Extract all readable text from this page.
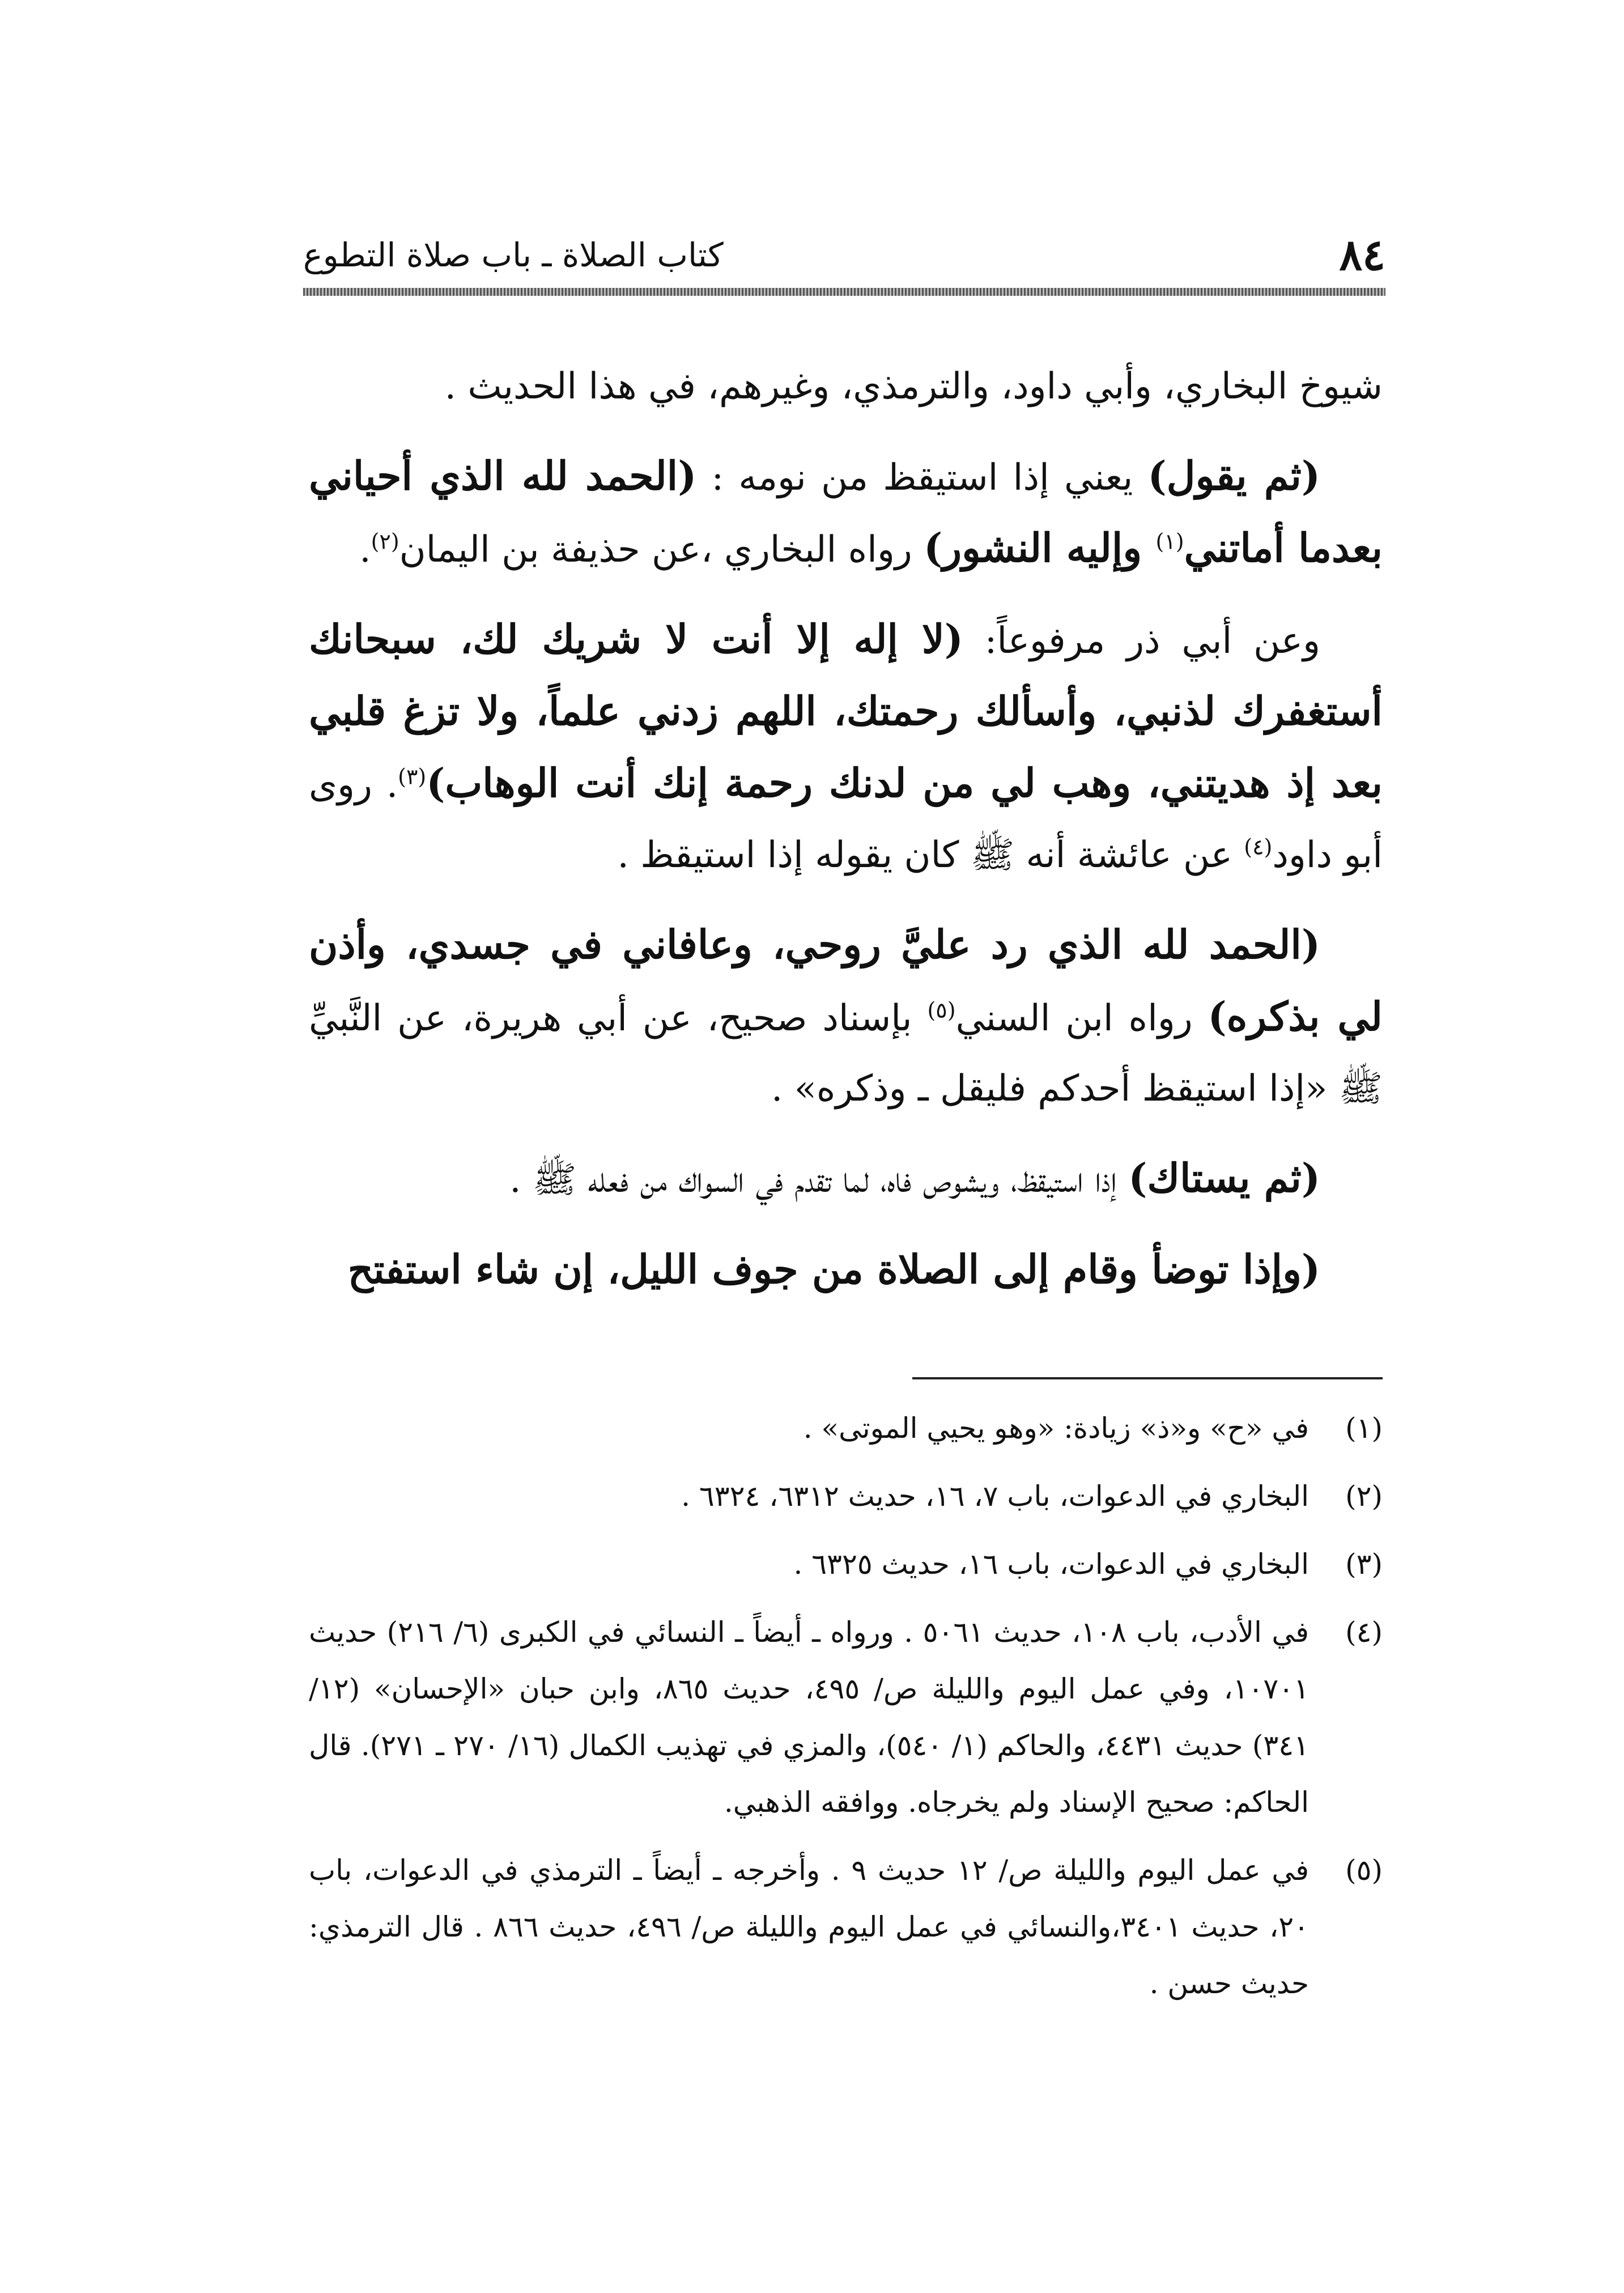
٨٤
كتاب الصلاة ـ باب صلاة التطوع

شيوخ البخاري، وأبي داود، والترمذي، وغيرهم، في هذا الحديث .

(ثم يقول) يعني إذا استيقظ من نومه : (الحمد لله الذي أحياني بعدما أماتني$^{(١)}$ وإليه النشور) رواه البخاري ،عن حذيفة بن اليمان$^{(٢)}$.

وعن أبي ذر مرفوعاً: (لا إله إلا أنت لا شريك لك، سبحانك أستغفرك لذنبي، وأسألك رحمتك، اللهم زدني علماً، ولا تزغ قلبي بعد إذ هديتني، وهب لي من لدنك رحمة إنك أنت الوهاب)$^{(٣)}$. روى أبو داود$^{(٤)}$ عن عائشة أنه ﷺ كان يقوله إذا استيقظ .

(الحمد لله الذي رد عليَّ روحي، وعافاني في جسدي، وأذن لي بذكره) رواه ابن السني$^{(٥)}$ بإسناد صحيح، عن أبي هريرة، عن النَّبيِّ ﷺ «إذا استيقظ أحدكم فليقل ـ وذكره» .

(ثم يستاك) إذا استيقظ، ويشوص فاه، لما تقدم في السواك من فعله ﷺ .

(وإذا توضأ وقام إلى الصلاة من جوف الليل، إن شاء استفتح

(١)
في «ح» و«ذ» زيادة: «وهو يحيي الموتى» .
(٢)
البخاري في الدعوات، باب ٧، ١٦، حديث ٦٣١٢، ٦٣٢٤ .
(٣)
البخاري في الدعوات، باب ١٦، حديث ٦٣٢٥ .
(٤)
في الأدب، باب ١٠٨، حديث ٥٠٦١ . ورواه ـ أيضاً ـ النسائي في الكبرى (٦/ ٢١٦) حديث ١٠٧٠١، وفي عمل اليوم والليلة ص/ ٤٩٥، حديث ٨٦٥، وابن حبان «الإحسان» (١٢/ ٣٤١) حديث ٤٤٣١، والحاكم (١/ ٥٤٠)، والمزي في تهذيب الكمال (١٦/ ٢٧٠ ـ ٢٧١). قال الحاكم: صحيح الإسناد ولم يخرجاه. ووافقه الذهبي.
(٥)
في عمل اليوم والليلة ص/ ١٢ حديث ٩ . وأخرجه ـ أيضاً ـ الترمذي في الدعوات، باب ٢٠، حديث ٣٤٠١،والنسائي في عمل اليوم والليلة ص/ ٤٩٦، حديث ٨٦٦ . قال الترمذي: حديث حسن .
